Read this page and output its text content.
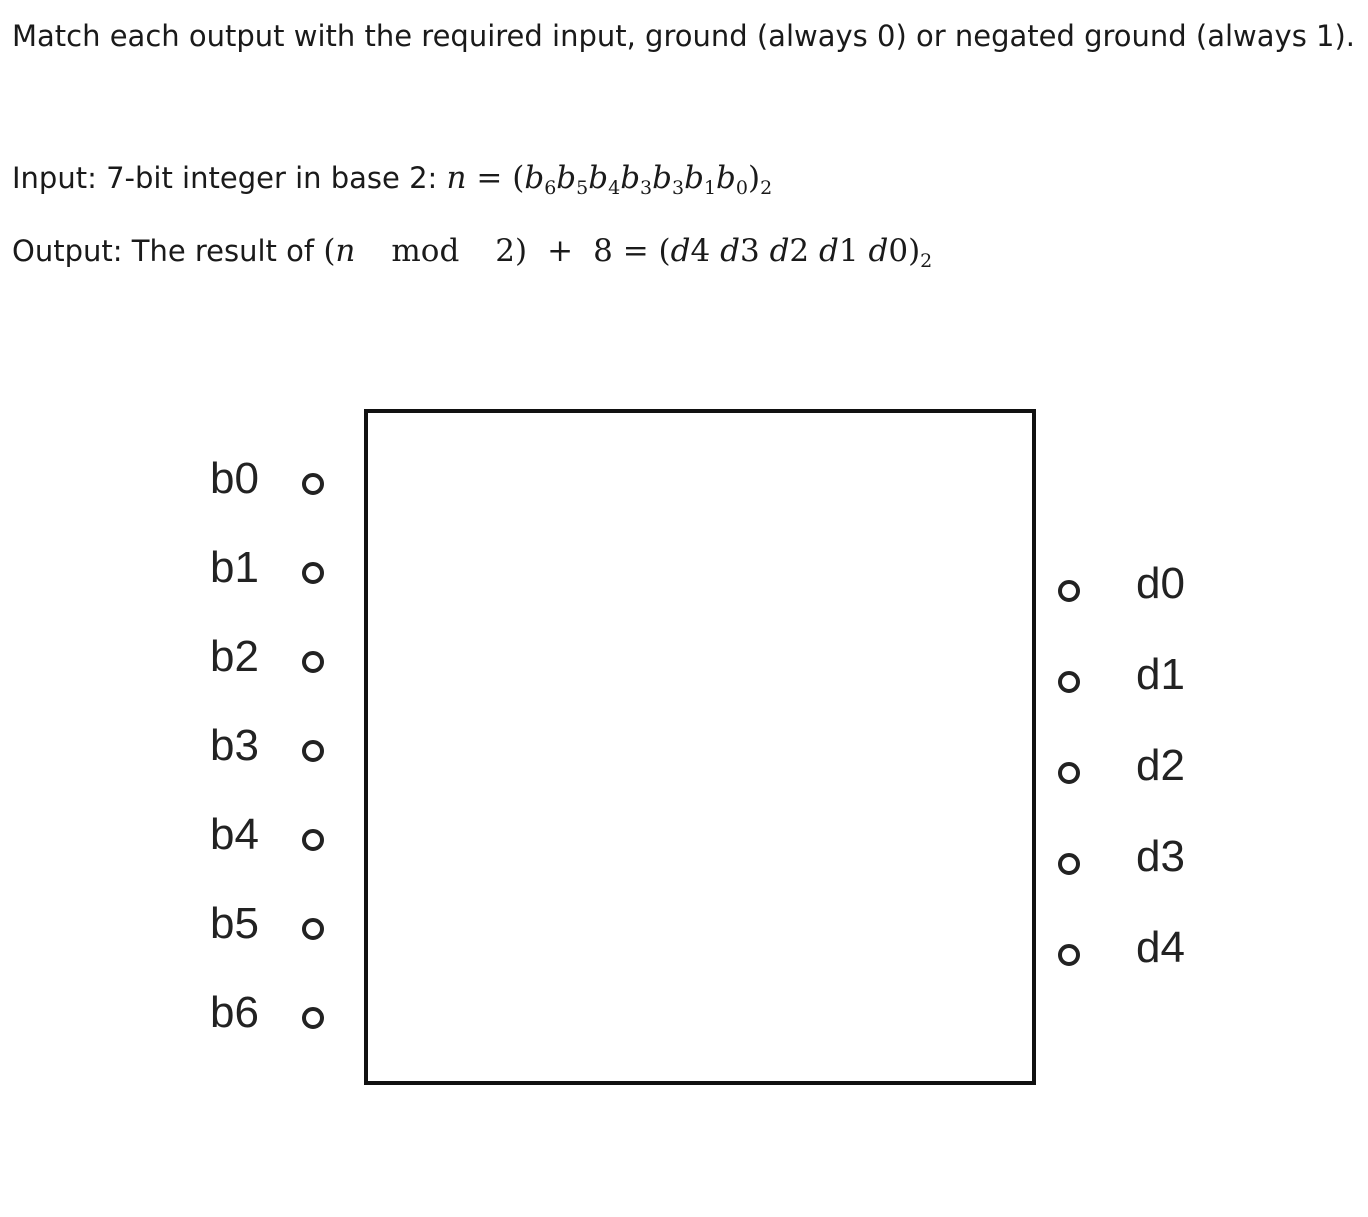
Match each output with the required input, ground (always 0) or negated ground (always 1).
Input: 7-bit integer in base 2: $n = (b_6b_5b_4b_3b_3b_1b_0)_2$
Output: The result of (n mod 2) + 8 = (d4 d3 d2 d1 $d0)_2$
b0
b1
b2
b3
b4
b5
b6
d0
d1
d2
d3
d4
